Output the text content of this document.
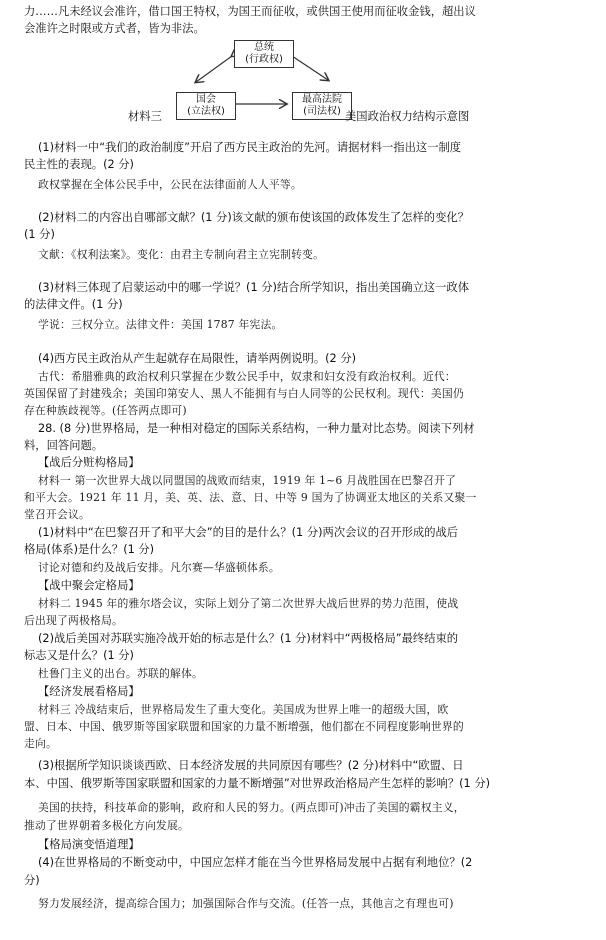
力……凡未经议会准许，借口国王特权，为国王而征收，或供国王使用而征收金钱，超出议
会准许之时限或方式者，皆为非法。
总统
(行政权)
国会
(立法权)
最高法院
(司法权)
材料三	美国政治权力结构示意图
(1)材料一中“我们的政治制度”开启了西方民主政治的先河。请据材料一指出这一制度
民主性的表现。(2 分)
政权掌握在全体公民手中，公民在法律面前人人平等。
(2)材料二的内容出自哪部文献？(1 分)该文献的颁布使该国的政体发生了怎样的变化？
(1 分)
文献：《权利法案》。变化：由君主专制向君主立宪制转变。
(3)材料三体现了启蒙运动中的哪一学说？(1 分)结合所学知识，指出美国确立这一政体
的法律文件。(1 分)
学说：三权分立。法律文件：美国 1787 年宪法。
(4)西方民主政治从产生起就存在局限性，请举两例说明。(2 分)
古代：希腊雅典的政治权利只掌握在少数公民手中，奴隶和妇女没有政治权利。近代：
英国保留了封建残余；美国印第安人、黑人不能拥有与白人同等的公民权利。现代：美国仍
存在种族歧视等。(任答两点即可)
28. (8 分)世界格局，是一种相对稳定的国际关系结构，一种力量对比态势。阅读下列材
料，回答问题。
【战后分赃构格局】
材料一 第一次世界大战以同盟国的战败而结束，1919 年 1~6 月战胜国在巴黎召开了
和平大会。1921 年 11 月，美、英、法、意、日、中等 9 国为了协调亚太地区的关系又聚一
堂召开会议。
(1)材料中“在巴黎召开了和平大会”的目的是什么？(1 分)两次会议的召开形成的战后
格局(体系)是什么？(1 分)
讨论对德和约及战后安排。凡尔赛—华盛顿体系。
【战中聚会定格局】
材料二 1945 年的雅尔塔会议，实际上划分了第二次世界大战后世界的势力范围，使战
后出现了两极格局。
(2)战后美国对苏联实施冷战开始的标志是什么？(1 分)材料中“两极格局”最终结束的
标志又是什么？(1 分)
杜鲁门主义的出台。苏联的解体。
【经济发展看格局】
材料三 冷战结束后，世界格局发生了重大变化。美国成为世界上唯一的超级大国，欧
盟、日本、中国、俄罗斯等国家联盟和国家的力量不断增强，他们都在不同程度影响世界的
走向。
(3)根据所学知识谈谈西欧、日本经济发展的共同原因有哪些？(2 分)材料中“欧盟、日
本、中国、俄罗斯等国家联盟和国家的力量不断增强”对世界政治格局产生怎样的影响？(1 分)
美国的扶持，科技革命的影响，政府和人民的努力。(两点即可)冲击了美国的霸权主义，
推动了世界朝着多极化方向发展。
【格局演变悟道理】
(4)在世界格局的不断变动中，中国应怎样才能在当今世界格局发展中占据有利地位？(2
分)
努力发展经济，提高综合国力；加强国际合作与交流。(任答一点，其他言之有理也可)
